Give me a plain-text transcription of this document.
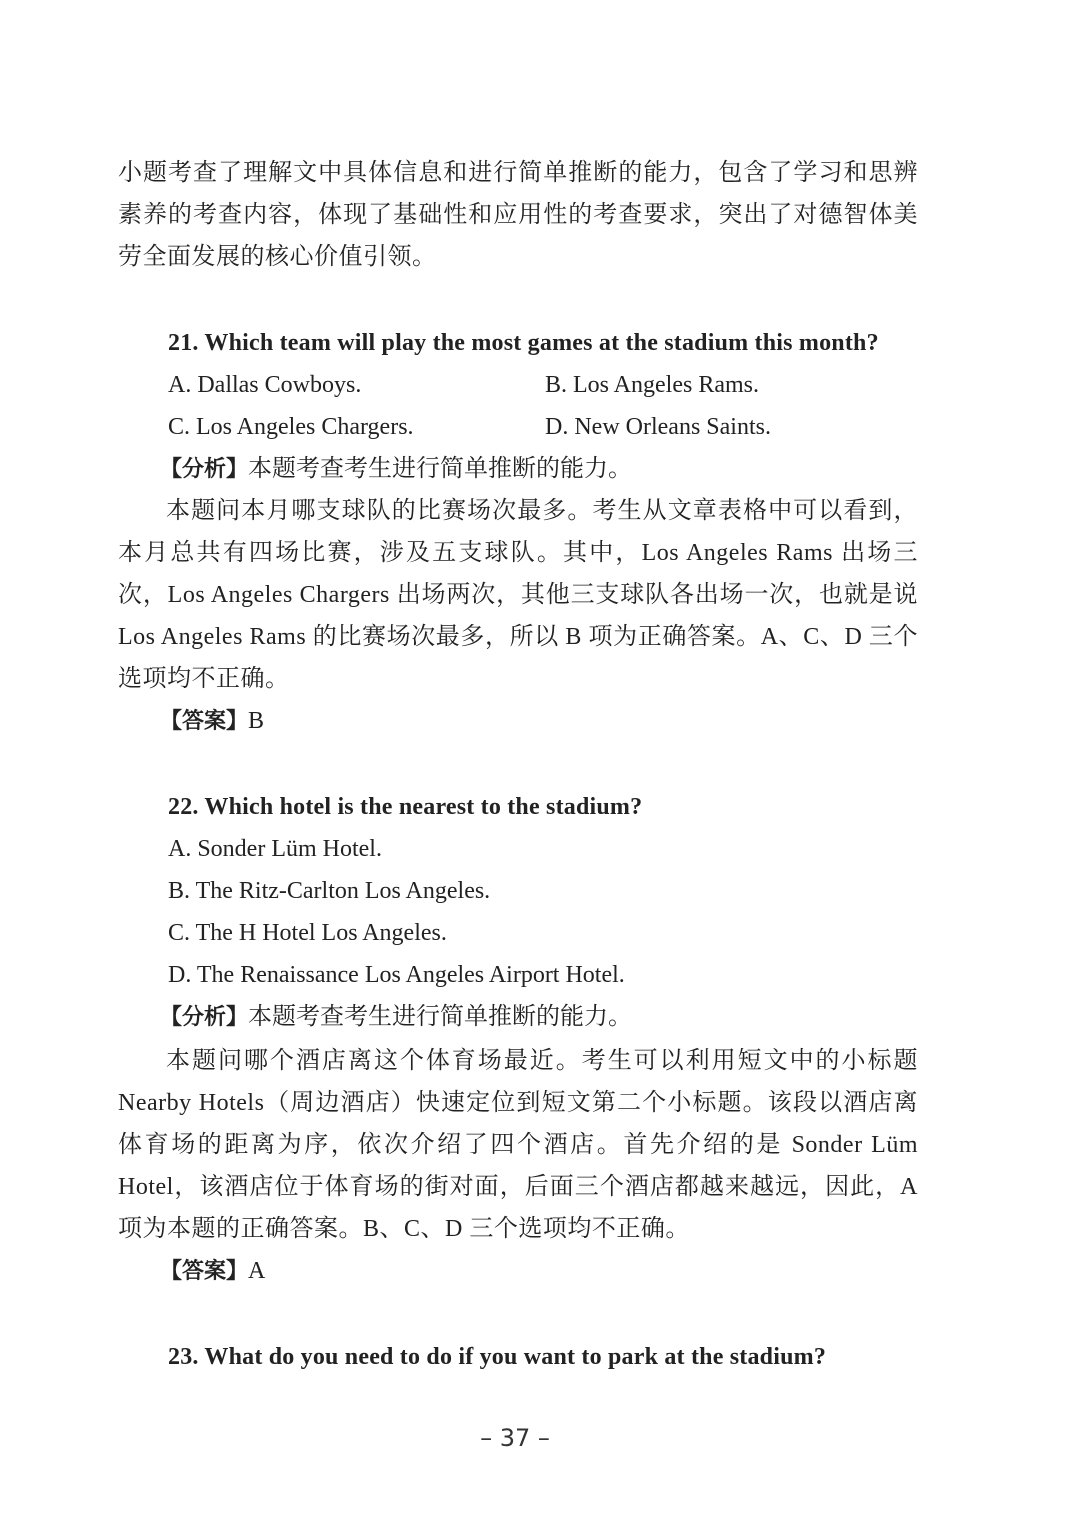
小题考查了理解文中具体信息和进行简单推断的能力，包含了学习和思辨素养的考查内容，体现了基础性和应用性的考查要求，突出了对德智体美劳全面发展的核心价值引领。

21. Which team will play the most games at the stadium this month?
A. Dallas Cowboys.	B. Los Angeles Rams.
C. Los Angeles Chargers.	D. New Orleans Saints.
【分析】本题考查考生进行简单推断的能力。

本题问本月哪支球队的比赛场次最多。考生从文章表格中可以看到，本月总共有四场比赛，涉及五支球队。其中，Los Angeles Rams 出场三次，Los Angeles Chargers 出场两次，其他三支球队各出场一次，也就是说 Los Angeles Rams 的比赛场次最多，所以 B 项为正确答案。A、C、D 三个选项均不正确。

【答案】B
22. Which hotel is the nearest to the stadium?
A. Sonder Lüm Hotel.
B. The Ritz-Carlton Los Angeles.
C. The H Hotel Los Angeles.
D. The Renaissance Los Angeles Airport Hotel.
【分析】本题考查考生进行简单推断的能力。

本题问哪个酒店离这个体育场最近。考生可以利用短文中的小标题 Nearby Hotels（周边酒店）快速定位到短文第二个小标题。该段以酒店离体育场的距离为序，依次介绍了四个酒店。首先介绍的是 Sonder Lüm Hotel，该酒店位于体育场的街对面，后面三个酒店都越来越远，因此，A 项为本题的正确答案。B、C、D 三个选项均不正确。

【答案】A
23. What do you need to do if you want to park at the stadium?
– 37 –
